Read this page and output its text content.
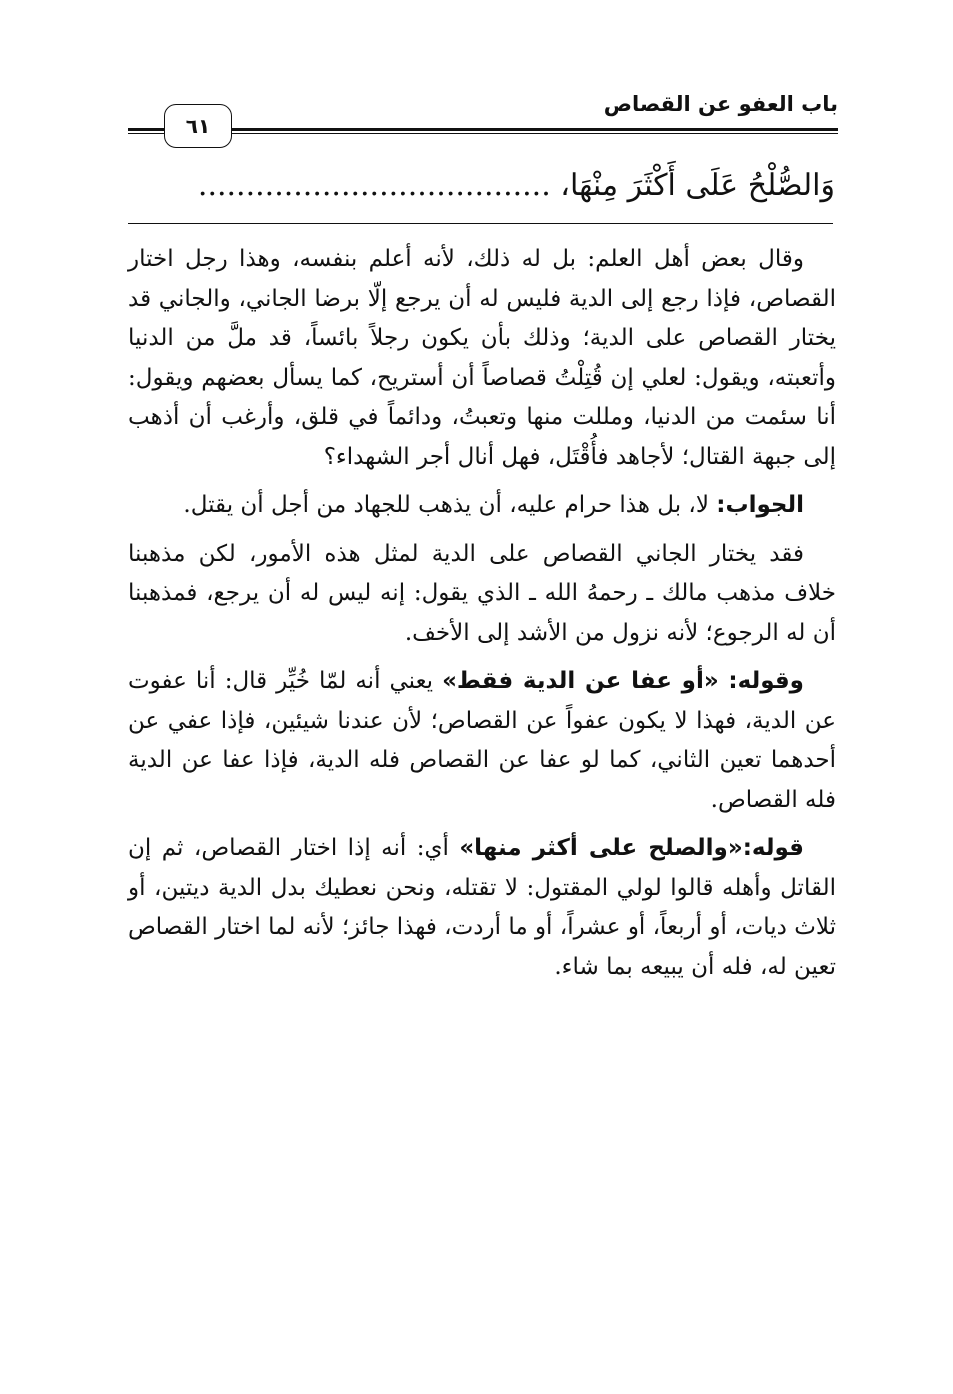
باب العفو عن القصاص
٦١
وَالصُّلْحُ عَلَى أَكْثَرَ مِنْهَا، .....................................

وقال بعض أهل العلم: بل له ذلك، لأنه أعلم بنفسه، وهذا رجل اختار القصاص، فإذا رجع إلى الدية فليس له أن يرجع إلّا برضا الجاني، والجاني قد يختار القصاص على الدية؛ وذلك بأن يكون رجلاً بائساً، قد ملَّ من الدنيا وأتعبته، ويقول: لعلي إن قُتِلْتُ قصاصاً أن أستريح، كما يسأل بعضهم ويقول: أنا سئمت من الدنيا، ومللت منها وتعبتُ، ودائماً في قلق، وأرغب أن أذهب إلى جبهة القتال؛ لأجاهد فأُقْتَل، فهل أنال أجر الشهداء؟

الجواب: لا، بل هذا حرام عليه، أن يذهب للجهاد من أجل أن يقتل.

فقد يختار الجاني القصاص على الدية لمثل هذه الأمور، لكن مذهبنا خلاف مذهب مالك ـ رحمهُ الله ـ الذي يقول: إنه ليس له أن يرجع، فمذهبنا أن له الرجوع؛ لأنه نزول من الأشد إلى الأخف.

وقوله: «أو عفا عن الدية فقط» يعني أنه لمّا خُيِّر قال: أنا عفوت عن الدية، فهذا لا يكون عفواً عن القصاص؛ لأن عندنا شيئين، فإذا عفي عن أحدهما تعين الثاني، كما لو عفا عن القصاص فله الدية، فإذا عفا عن الدية فله القصاص.

قوله:«والصلح على أكثر منها» أي: أنه إذا اختار القصاص، ثم إن القاتل وأهله قالوا لولي المقتول: لا تقتله، ونحن نعطيك بدل الدية ديتين، أو ثلاث ديات، أو أربعاً، أو عشراً، أو ما أردت، فهذا جائز؛ لأنه لما اختار القصاص تعين له، فله أن يبيعه بما شاء.
